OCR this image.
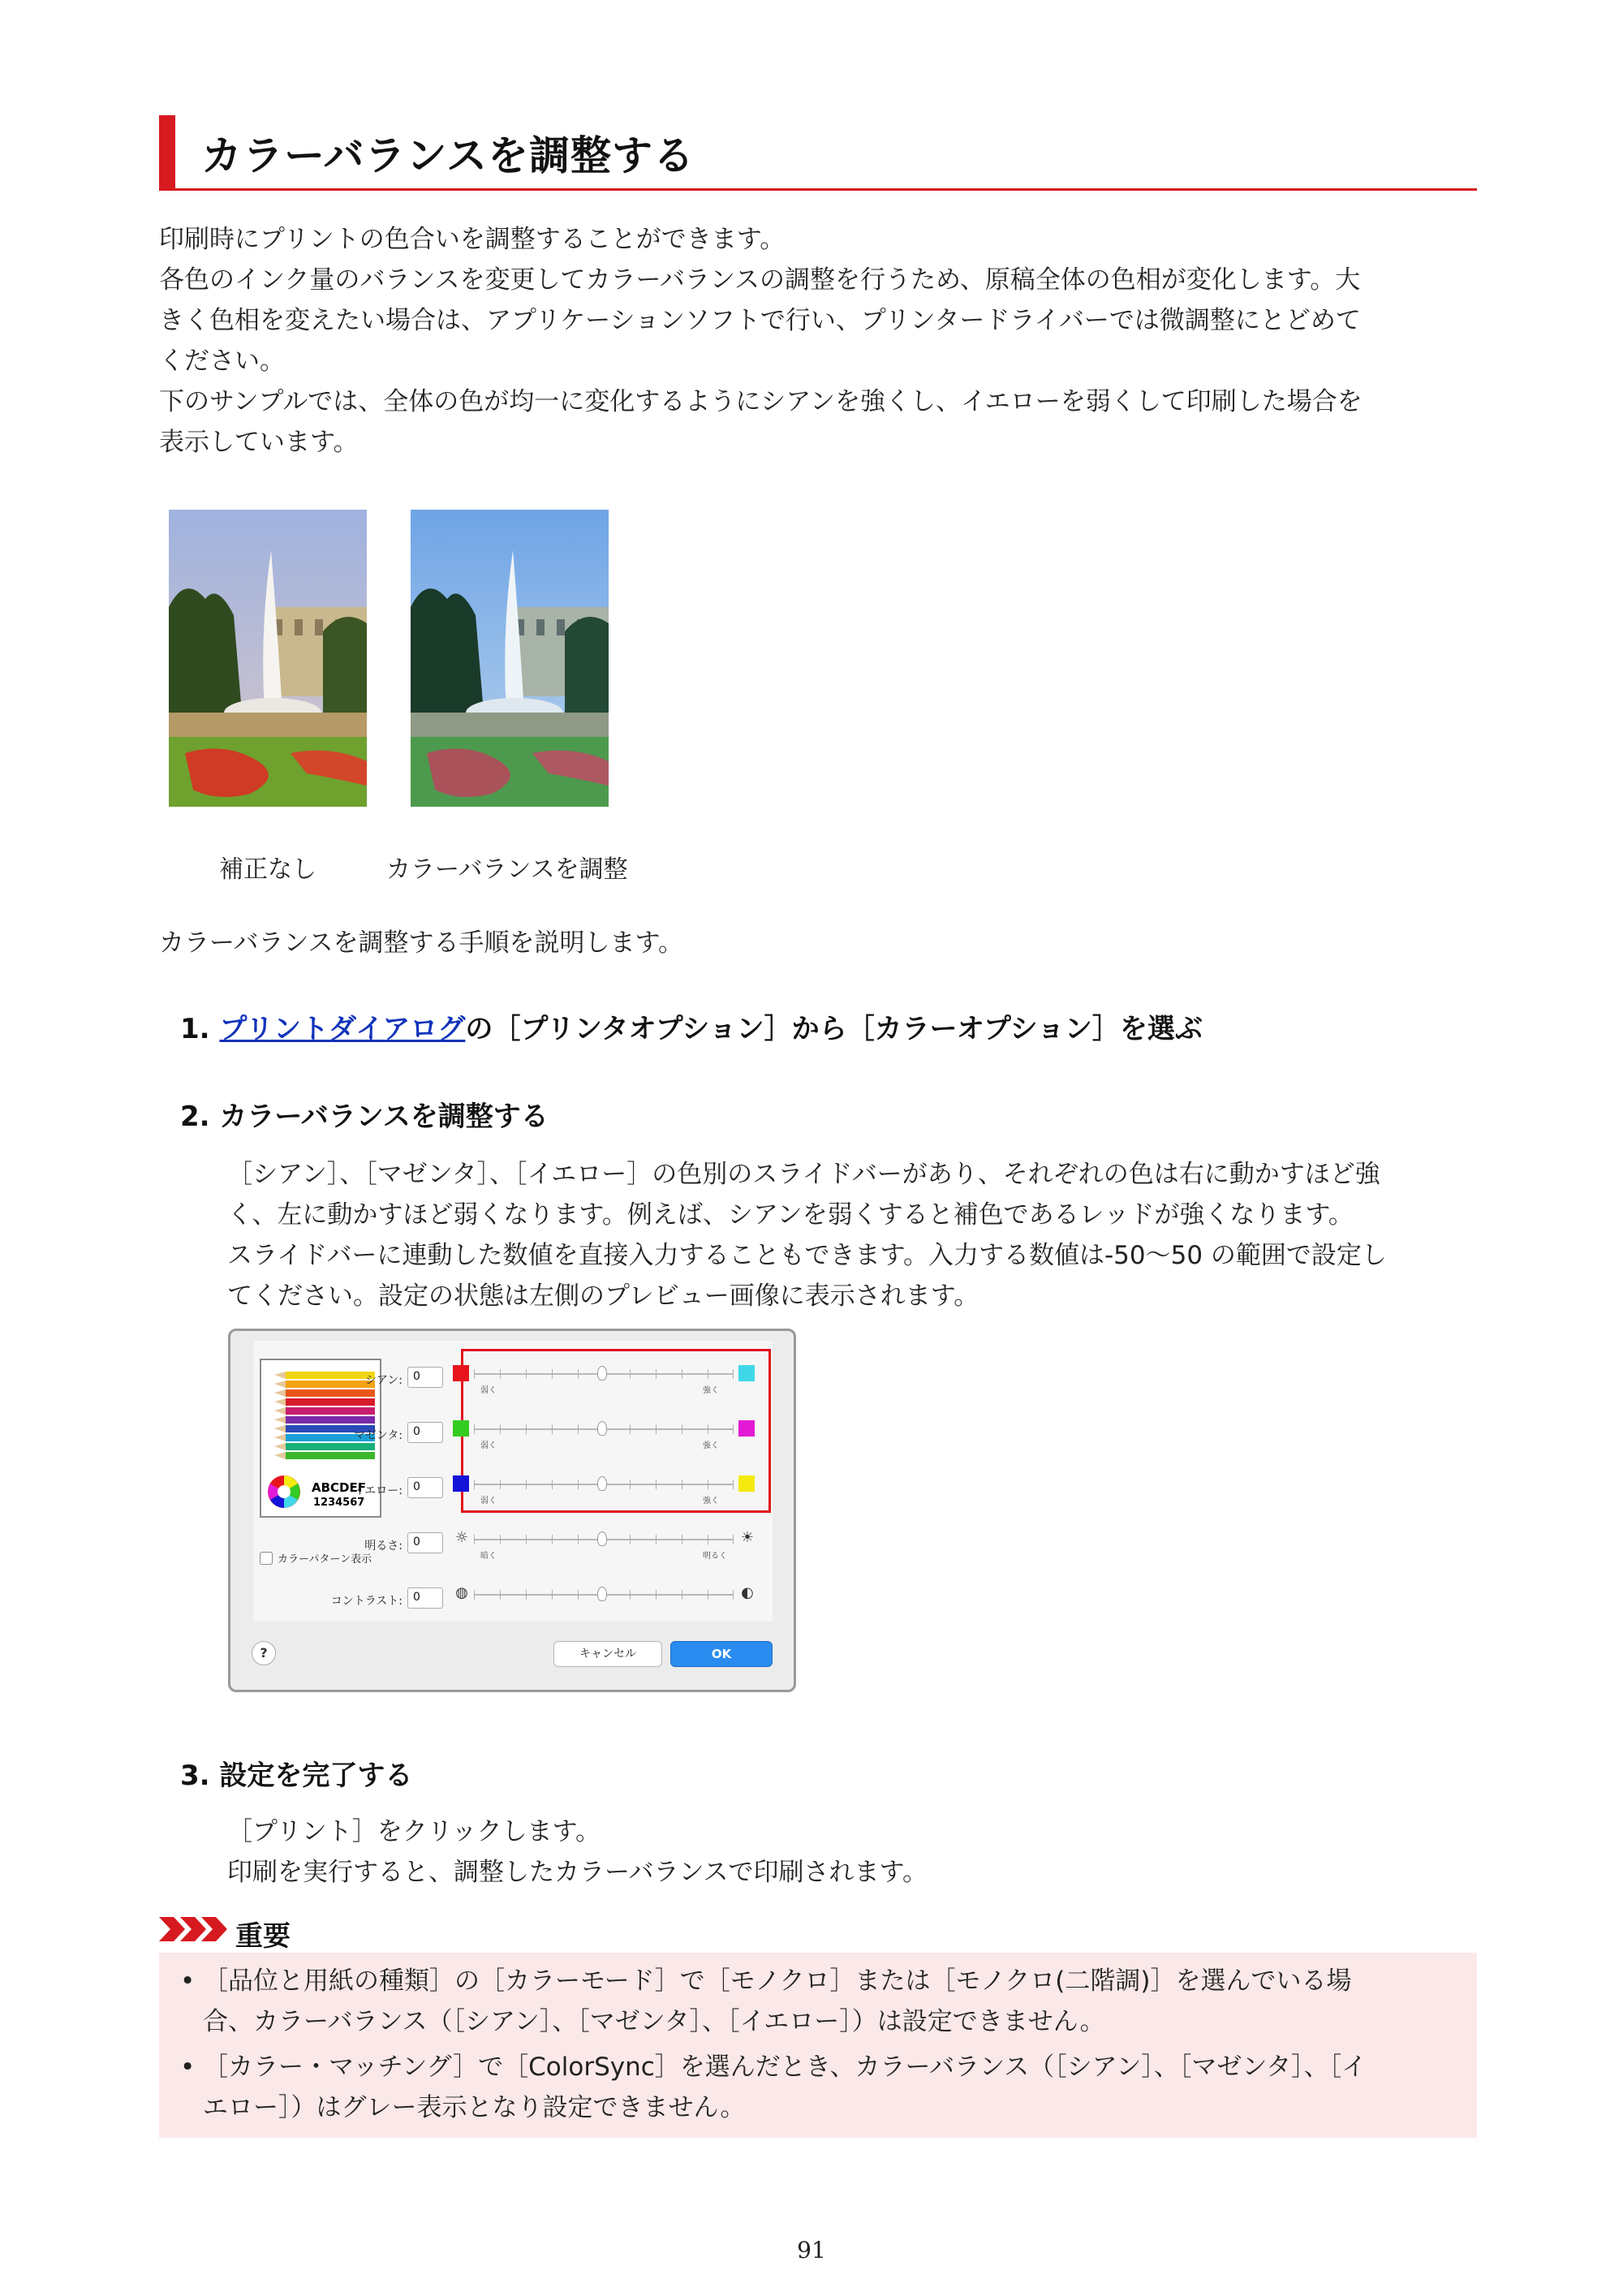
カラーバランスを調整する

印刷時にプリントの色合いを調整することができます。
各色のインク量のバランスを変更してカラーバランスの調整を行うため、原稿全体の色相が変化します。大
きく色相を変えたい場合は、アプリケーションソフトで行い、プリンタードライバーでは微調整にとどめて
ください。
下のサンプルでは、全体の色が均一に変化するようにシアンを強くし、イエローを弱くして印刷した場合を
表示しています。

補正なし	カラーバランスを調整
カラーバランスを調整する手順を説明します。
1. プリントダイアログの［プリンタオプション］から［カラーオプション］を選ぶ
2. カラーバランスを調整する

［シアン］、［マゼンタ］、［イエロー］の色別のスライドバーがあり、それぞれの色は右に動かすほど強
く、左に動かすほど弱くなります。例えば、シアンを弱くすると補色であるレッドが強くなります。
スライドバーに連動した数値を直接入力することもできます。入力する数値は-50～50 の範囲で設定し
てください。設定の状態は左側のプレビュー画像に表示されます。

ABCDEF
1234567
カラーパターン表示
シアン: 0
弱く	強く
マゼンタ: 0
弱く	強く
イエロー: 0
弱く	強く
明るさ: 0	☼	☀
暗く	明るく
コントラスト: 0	◍	◐
?	キャンセル	OK
3. 設定を完了する

［プリント］をクリックします。
印刷を実行すると、調整したカラーバランスで印刷されます。

重要
• ［品位と用紙の種類］の［カラーモード］で［モノクロ］または［モノクロ(二階調)］を選んでいる場
合、カラーバランス（［シアン］、［マゼンタ］、［イエロー］）は設定できません。
• ［カラー・マッチング］で［ColorSync］を選んだとき、カラーバランス（［シアン］、［マゼンタ］、［イ
エロー］）はグレー表示となり設定できません。
91
